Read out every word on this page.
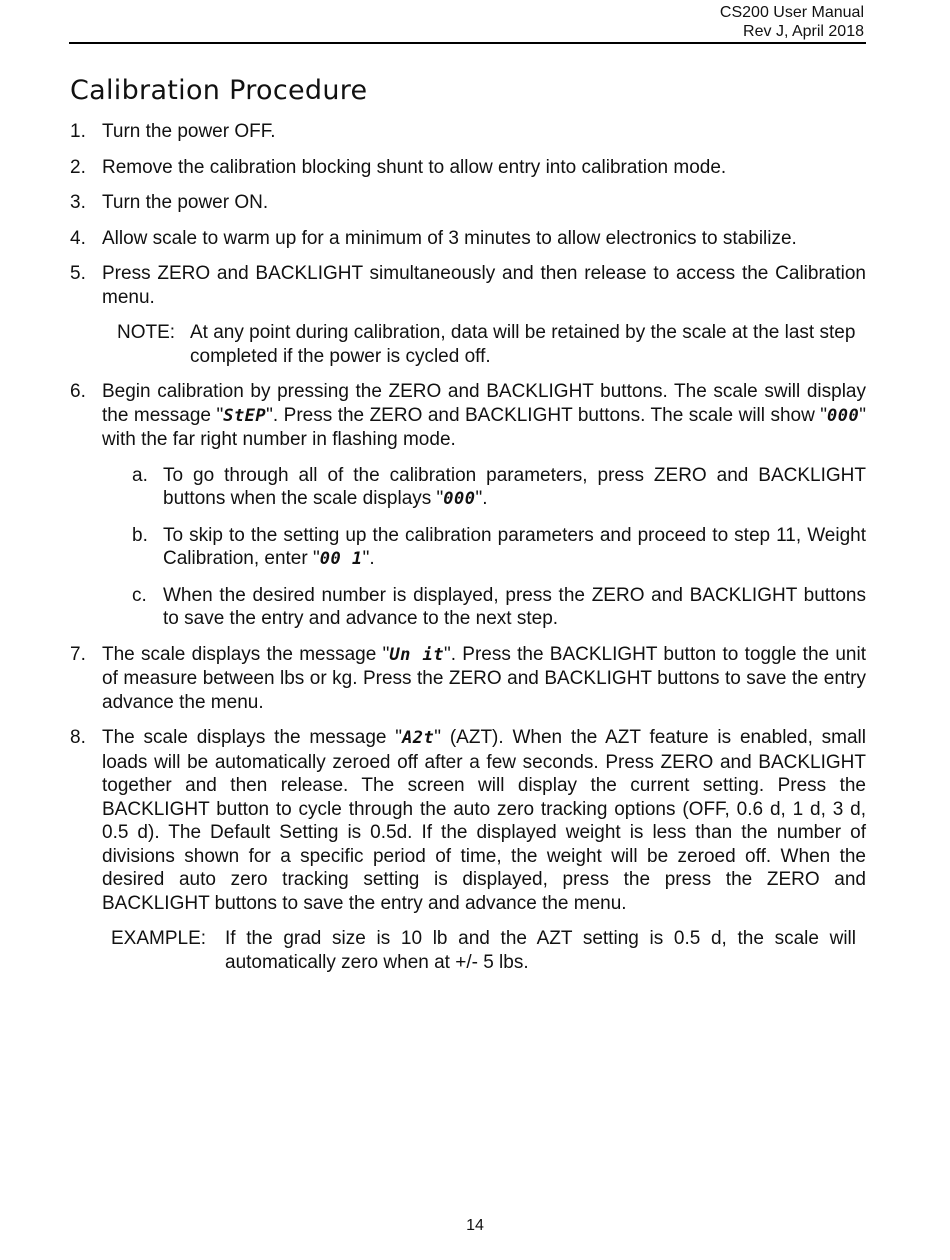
CS200 User Manual
Rev J, April 2018
Calibration Procedure
1. Turn the power OFF.
2. Remove the calibration blocking shunt to allow entry into calibration mode.
3. Turn the power ON.
4. Allow scale to warm up for a minimum of 3 minutes to allow electronics to stabilize.
5. Press ZERO and BACKLIGHT simultaneously and then release to access the Calibration menu.
NOTE: At any point during calibration, data will be retained by the scale at the last step completed if the power is cycled off.
6. Begin calibration by pressing the ZERO and BACKLIGHT buttons. The scale swill display the message "StEP". Press the ZERO and BACKLIGHT buttons. The scale will show "000" with the far right number in flashing mode.
a. To go through all of the calibration parameters, press ZERO and BACKLIGHT buttons when the scale displays "000".
b. To skip to the setting up the calibration parameters and proceed to step 11, Weight Calibration, enter "00 1".
c. When the desired number is displayed, press the ZERO and BACKLIGHT buttons to save the entry and advance to the next step.
7. The scale displays the message "Un it". Press the BACKLIGHT button to toggle the unit of measure between lbs or kg. Press the ZERO and BACKLIGHT buttons to save the entry advance the menu.
8. The scale displays the message "A2t" (AZT). When the AZT feature is enabled, small loads will be automatically zeroed off after a few seconds. Press ZERO and BACKLIGHT together and then release. The screen will display the current setting. Press the BACKLIGHT button to cycle through the auto zero tracking options (OFF, 0.6 d, 1 d, 3 d, 0.5 d). The Default Setting is 0.5d. If the displayed weight is less than the number of divisions shown for a specific period of time, the weight will be zeroed off. When the desired auto zero tracking setting is displayed, press the press the ZERO and BACKLIGHT buttons to save the entry and advance the menu.
EXAMPLE: If the grad size is 10 lb and the AZT setting is 0.5 d, the scale will automatically zero when at +/- 5 lbs.
14
